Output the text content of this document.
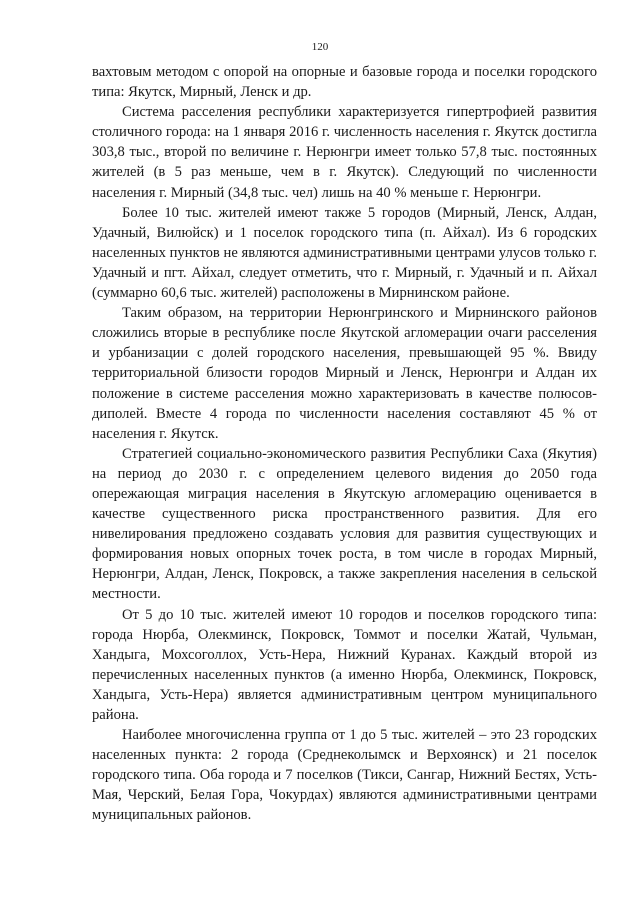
120

вахтовым методом с опорой на опорные и базовые города и поселки городского типа: Якутск, Мирный, Ленск и др.

Система расселения республики характеризуется гипертрофией развития столичного города: на 1 января 2016 г. численность населения г. Якутск достигла 303,8 тыс., второй по величине г. Нерюнгри имеет только 57,8 тыс. постоянных жителей (в 5 раз меньше, чем в г. Якутск). Следующий по численности населения г. Мирный (34,8 тыс. чел) лишь на 40 % меньше г. Нерюнгри.

Более 10 тыс. жителей имеют также 5 городов (Мирный, Ленск, Алдан, Удачный, Вилюйск) и 1 поселок городского типа (п. Айхал). Из 6 городских населенных пунктов не являются административными центрами улусов только г. Удачный и пгт. Айхал, следует отметить, что г. Мирный, г. Удачный и п. Айхал (суммарно 60,6 тыс. жителей) расположены в Мирнинском районе.

Таким образом, на территории Нерюнгринского и Мирнинского районов сложились вторые в республике после Якутской агломерации очаги расселения и урбанизации с долей городского населения, превышающей 95 %. Ввиду территориальной близости городов Мирный и Ленск, Нерюнгри и Алдан их положение в системе расселения можно характеризовать в качестве полюсов-диполей. Вместе 4 города по численности населения составляют 45 % от населения г. Якутск.

Стратегией социально-экономического развития Республики Саха (Якутия) на период до 2030 г. с определением целевого видения до 2050 года опережающая миграция населения в Якутскую агломерацию оценивается в качестве существенного риска пространственного развития. Для его нивелирования предложено создавать условия для развития существующих и формирования новых опорных точек роста, в том числе в городах Мирный, Нерюнгри, Алдан, Ленск, Покровск, а также закрепления населения в сельской местности.

От 5 до 10 тыс. жителей имеют 10 городов и поселков городского типа: города Нюрба, Олекминск, Покровск, Томмот и поселки Жатай, Чульман, Хандыга, Мохсоголлох, Усть-Нера, Нижний Куранах. Каждый второй из перечисленных населенных пунктов (а именно Нюрба, Олекминск, Покровск, Хандыга, Усть-Нера) является административным центром муниципального района.

Наиболее многочисленна группа от 1 до 5 тыс. жителей – это 23 городских населенных пункта: 2 города (Среднеколымск и Верхоянск) и 21 поселок городского типа. Оба города и 7 поселков (Тикси, Сангар, Нижний Бестях, Усть-Мая, Черский, Белая Гора, Чокурдах) являются административными центрами муниципальных районов.
